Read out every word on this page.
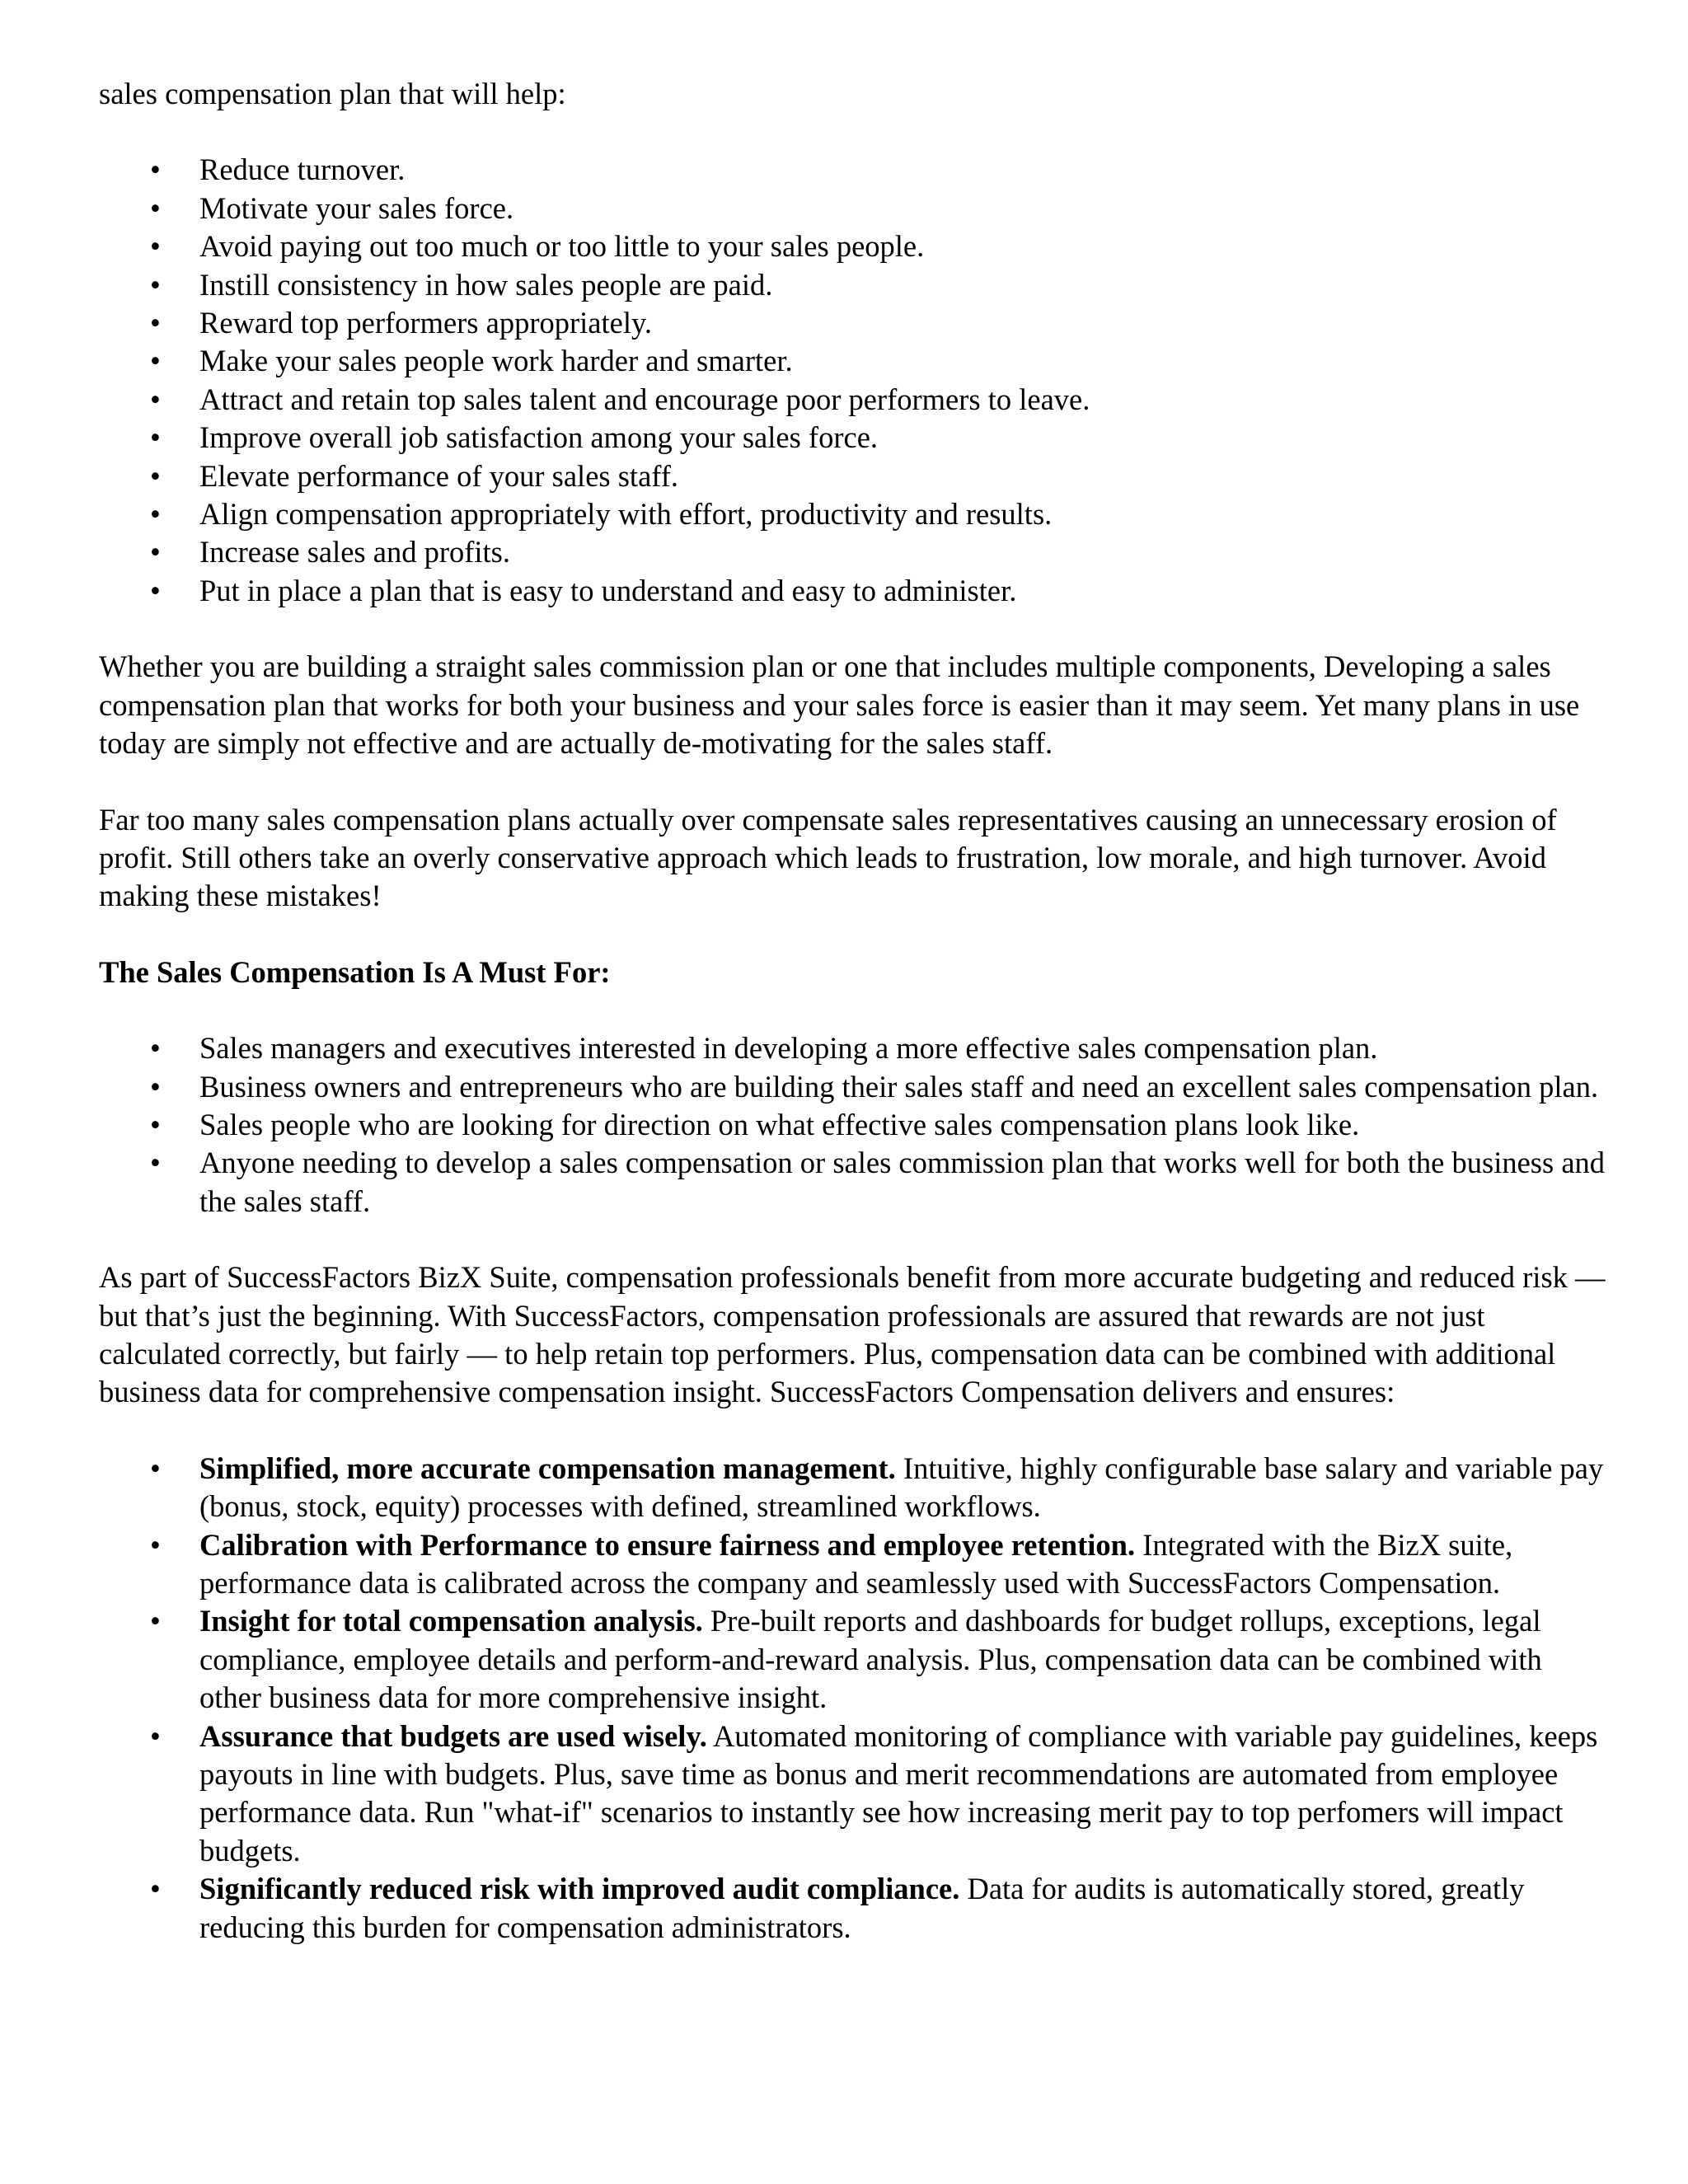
sales compensation plan that will help:

• Reduce turnover.
• Motivate your sales force.
• Avoid paying out too much or too little to your sales people.
• Instill consistency in how sales people are paid.
• Reward top performers appropriately.
• Make your sales people work harder and smarter.
• Attract and retain top sales talent and encourage poor performers to leave.
• Improve overall job satisfaction among your sales force.
• Elevate performance of your sales staff.
• Align compensation appropriately with effort, productivity and results.
• Increase sales and profits.
• Put in place a plan that is easy to understand and easy to administer.

Whether you are building a straight sales commission plan or one that includes multiple components, Developing a sales compensation plan that works for both your business and your sales force is easier than it may seem. Yet many plans in use today are simply not effective and are actually de-motivating for the sales staff.

Far too many sales compensation plans actually over compensate sales representatives causing an unnecessary erosion of profit. Still others take an overly conservative approach which leads to frustration, low morale, and high turnover. Avoid making these mistakes!

The Sales Compensation Is A Must For:

• Sales managers and executives interested in developing a more effective sales compensation plan.
• Business owners and entrepreneurs who are building their sales staff and need an excellent sales compensation plan.
• Sales people who are looking for direction on what effective sales compensation plans look like.
• Anyone needing to develop a sales compensation or sales commission plan that works well for both the business and the sales staff.

As part of SuccessFactors BizX Suite, compensation professionals benefit from more accurate budgeting and reduced risk — but that’s just the beginning. With SuccessFactors, compensation professionals are assured that rewards are not just calculated correctly, but fairly — to help retain top performers. Plus, compensation data can be combined with additional business data for comprehensive compensation insight. SuccessFactors Compensation delivers and ensures:

• Simplified, more accurate compensation management. Intuitive, highly configurable base salary and variable pay (bonus, stock, equity) processes with defined, streamlined workflows.
• Calibration with Performance to ensure fairness and employee retention. Integrated with the BizX suite, performance data is calibrated across the company and seamlessly used with SuccessFactors Compensation.
• Insight for total compensation analysis. Pre-built reports and dashboards for budget rollups, exceptions, legal compliance, employee details and perform-and-reward analysis. Plus, compensation data can be combined with other business data for more comprehensive insight.
• Assurance that budgets are used wisely. Automated monitoring of compliance with variable pay guidelines, keeps payouts in line with budgets. Plus, save time as bonus and merit recommendations are automated from employee performance data. Run "what-if" scenarios to instantly see how increasing merit pay to top perfomers will impact budgets.
• Significantly reduced risk with improved audit compliance. Data for audits is automatically stored, greatly reducing this burden for compensation administrators.
